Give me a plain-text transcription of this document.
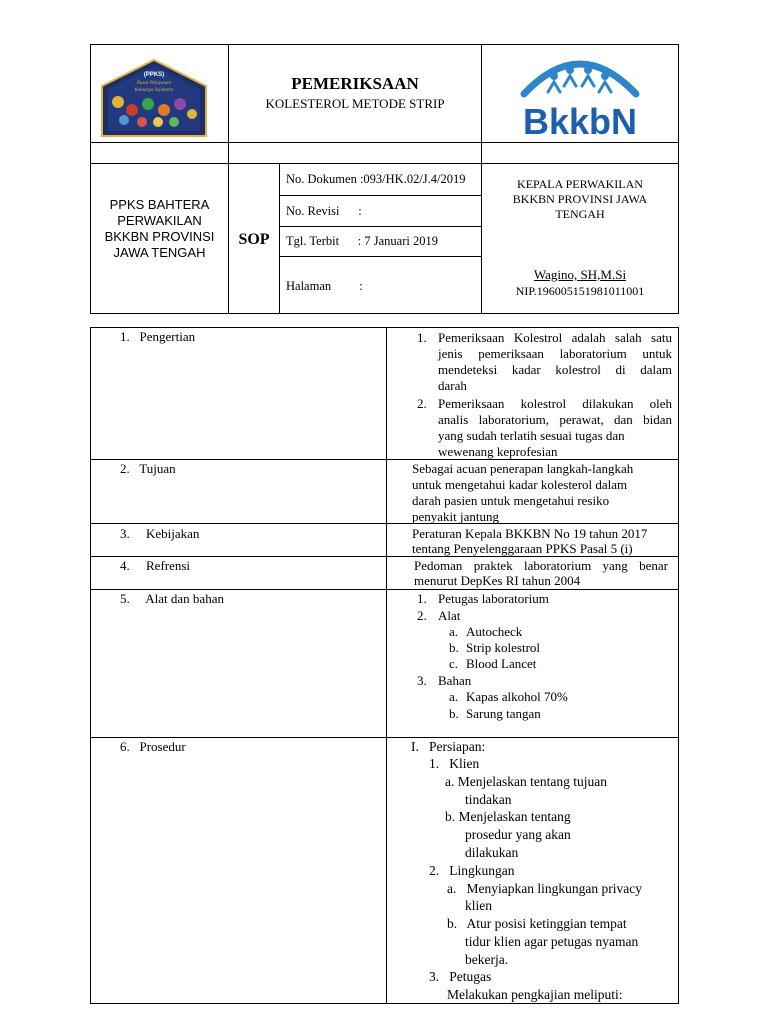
(PPKS)
Pusat Pelayanan
Keluarga Sejahtera	PEMERIKSAAN
KOLESTEROL METODE STRIP	BkkbN
PPKS BAHTERA
PERWAKILAN
BKKBN PROVINSI
JAWA TENGAH
SOP
No. Dokumen :093/HK.02/J.4/2019
No. Revisi      :
Tgl. Terbit      : 7 Januari 2019
Halaman         :
KEPALA PERWAKILAN
BKKBN PROVINSI JAWA
TENGAH
Wagino, SH,M.Si
NIP.196005151981011001
1.   Pengertian	1. Pemeriksaan Kolestrol adalah salah satu
jenis pemeriksaan laboratorium untuk
mendeteksi kadar kolestrol di dalam
darah
2. Pemeriksaan kolestrol dilakukan oleh
analis laboratorium, perawat, dan bidan
yang sudah terlatih sesuai tugas dan
wewenang keprofesian
2.   Tujuan	Sebagai acuan penerapan langkah-langkah
untuk mengetahui kadar kolesterol dalam
darah pasien untuk mengetahui resiko
penyakit jantung
3.     Kebijakan	Peraturan Kepala BKKBN No 19 tahun 2017
tentang Penyelenggaraan PPKS Pasal 5 (i)
4.     Refrensi	Pedoman praktek laboratorium yang benar
menurut DepKes RI tahun 2004
5.     Alat dan bahan	1. Petugas laboratorium
2. Alat
a. Autocheck
b. Strip kolestrol
c. Blood Lancet
3. Bahan
a. Kapas alkohol 70%
b. Sarung tangan
6.   Prosedur	I.   Persiapan:
1.   Klien
a. Menjelaskan tentang tujuan
tindakan
b. Menjelaskan tentang
prosedur yang akan
dilakukan
2.   Lingkungan
a.   Menyiapkan lingkungan privacy
klien
b.   Atur posisi ketinggian tempat
tidur klien agar petugas nyaman
bekerja.
3.   Petugas
Melakukan pengkajian meliputi:
